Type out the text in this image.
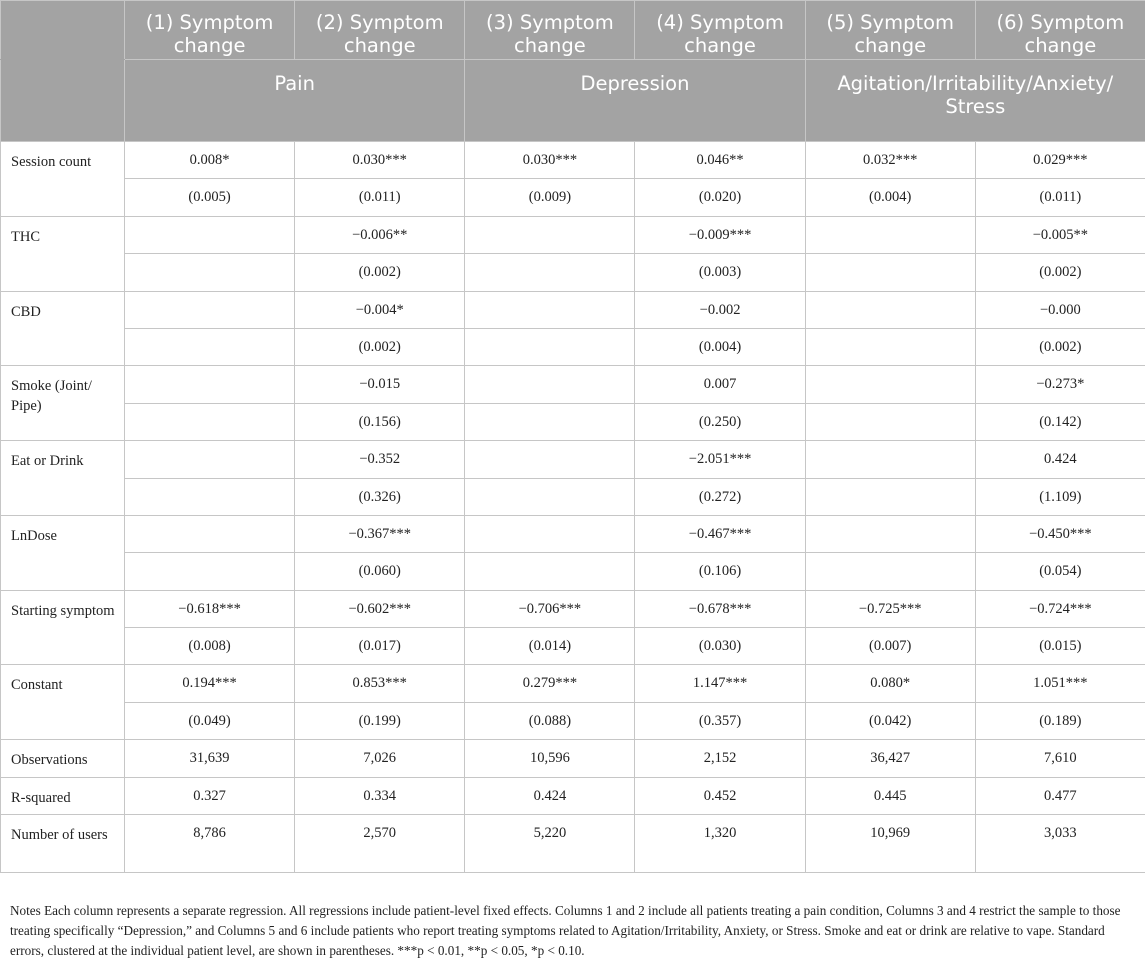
	(1) Symptom change	(2) Symptom change	(3) Symptom change	(4) Symptom change	(5) Symptom change	(6) Symptom change
	Pain		Depression		Agitation/Irritability/Anxiety/ Stress	
Session count	0.008*	0.030***	0.030***	0.046**	0.032***	0.029***
	(0.005)	(0.011)	(0.009)	(0.020)	(0.004)	(0.011)
THC		−0.006**		−0.009***		−0.005**
		(0.002)		(0.003)		(0.002)
CBD		−0.004*		−0.002		−0.000
		(0.002)		(0.004)		(0.002)
Smoke (Joint/ Pipe)		−0.015		0.007		−0.273*
		(0.156)		(0.250)		(0.142)
Eat or Drink		−0.352		−2.051***		0.424
		(0.326)		(0.272)		(1.109)
LnDose		−0.367***		−0.467***		−0.450***
		(0.060)		(0.106)		(0.054)
Starting symptom	−0.618***	−0.602***	−0.706***	−0.678***	−0.725***	−0.724***
	(0.008)	(0.017)	(0.014)	(0.030)	(0.007)	(0.015)
Constant	0.194***	0.853***	0.279***	1.147***	0.080*	1.051***
	(0.049)	(0.199)	(0.088)	(0.357)	(0.042)	(0.189)
Observations	31,639	7,026	10,596	2,152	36,427	7,610
R-squared	0.327	0.334	0.424	0.452	0.445	0.477
Number of users	8,786	2,570	5,220	1,320	10,969	3,033

Notes Each column represents a separate regression. All regressions include patient-level fixed effects. Columns 1 and 2 include all patients treating a pain condition, Columns 3 and 4 restrict the sample to those treating specifically “Depression,” and Columns 5 and 6 include patients who report treating symptoms related to Agitation/Irritability, Anxiety, or Stress. Smoke and eat or drink are relative to vape. Standard errors, clustered at the individual patient level, are shown in parentheses. ***p < 0.01, **p < 0.05, *p < 0.10.
